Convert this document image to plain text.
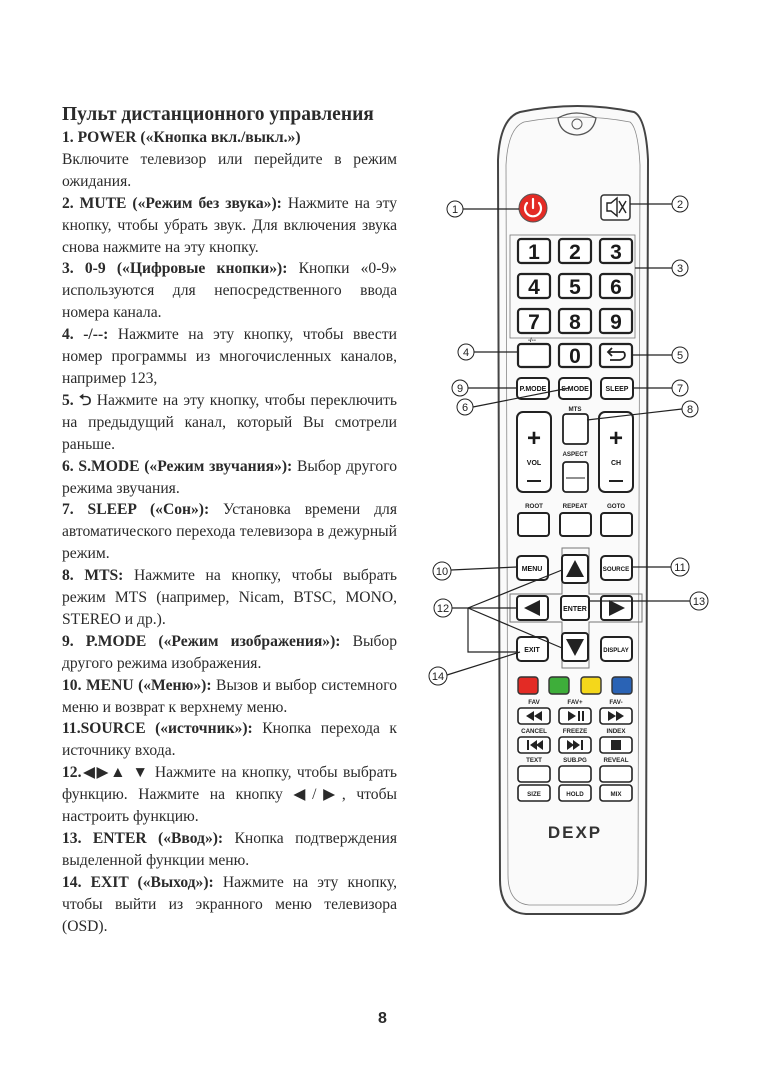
Пульт дистанционного управления

1. POWER («Кнопка вкл./выкл.»)
Включите телевизор или перейдите в режим ожидания.

2. MUTE («Режим без звука»): Нажмите на эту кнопку, чтобы убрать звук. Для включения звука снова нажмите на эту кнопку.

3. 0-9 («Цифровые кнопки»): Кнопки «0-9» используются для непосредственного ввода номера канала.

4. -/--: Нажмите на эту кнопку, чтобы ввести номер программы из многочисленных каналов, например 123,

5. ⮌ Нажмите на эту кнопку, чтобы переключить на предыдущий канал, который Вы смотрели раньше.

6. S.MODE («Режим звучания»): Выбор другого режима звучания.

7. SLEEP («Сон»): Установка времени для автоматического перехода телевизора в дежурный режим.

8. MTS: Нажмите на кнопку, чтобы выбрать режим MTS (например, Nicam, BTSC, MONO, STEREO и др.).

9. P.MODE («Режим изображения»): Выбор другого режима изображения.

10. MENU («Меню»): Вызов и выбор системного меню и возврат к верхнему меню.

11.SOURCE («источник»): Кнопка перехода к источнику входа.

12.◀▶▲ ▼ Нажмите на кнопку, чтобы выбрать функцию. Нажмите на кнопку ◀/▶, чтобы настроить функцию.

13. ENTER («Ввод»): Кнопка подтверждения выделенной функции меню.

14. EXIT («Выход»): Нажмите на эту кнопку, чтобы выйти из экранного меню телевизора (OSD).

1 2 3
4 5 6
7 8 9
-/--
0
P.MODE S.MODE SLEEP
+
VOL
MTS
ASPECT
+
CH
ROOT	REPEAT	GOTO
MENU	SOURCE
ENTER
EXIT	DISPLAY
FAV	FAV+	FAV-
CANCEL	FREEZE	INDEX
TEXT	SUB.PG	REVEAL
SIZE	HOLD	MIX
DEXP
1	2
3
4	5
6
7
8
9
10	11
12
13
14
8
